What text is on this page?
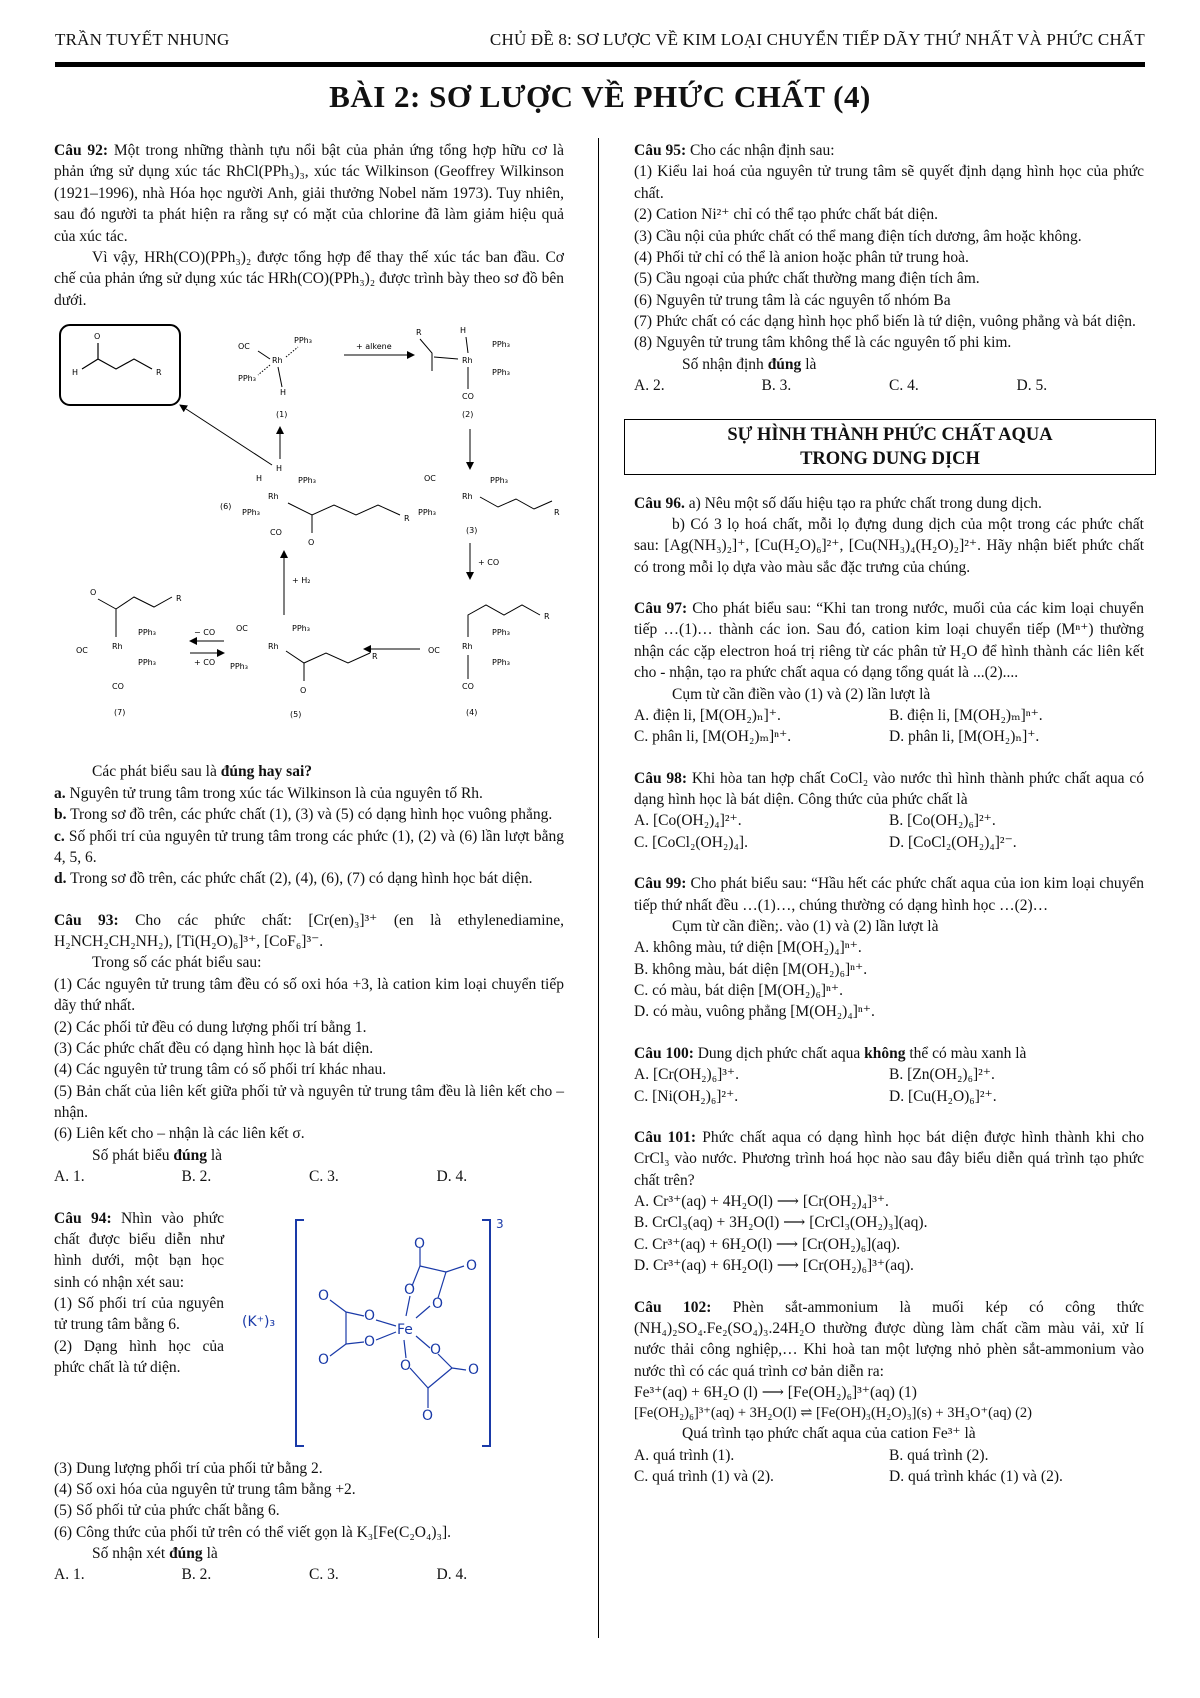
TRẦN TUYẾT NHUNG	CHỦ ĐỀ 8: SƠ LƯỢC VỀ KIM LOẠI CHUYỂN TIẾP DÃY THỨ NHẤT VÀ PHỨC CHẤT
BÀI 2: SƠ LƯỢC VỀ PHỨC CHẤT (4)

Câu 92: Một trong những thành tựu nổi bật của phản ứng tổng hợp hữu cơ là phản ứng sử dụng xúc tác RhCl(PPh₃)₃, xúc tác Wilkinson (Geoffrey Wilkinson (1921–1996), nhà Hóa học người Anh, giải thưởng Nobel năm 1973). Tuy nhiên, sau đó người ta phát hiện ra rằng sự có mặt của chlorine đã làm giảm hiệu quả của xúc tác.

Vì vậy, HRh(CO)(PPh₃)₂ được tổng hợp để thay thế xúc tác ban đầu. Cơ chế của phản ứng sử dụng xúc tác HRh(CO)(PPh₃)₂ được trình bày theo sơ đồ bên dưới.

O
H	R
Rh
OC
PPh₃
PPh₃
H
(1)
+ alkene
Rh
R	H
PPh₃
PPh₃
CO
(2)
Rh
OC	PPh₃
PPh₃	R
(3)
+ CO
Rh
OC
PPh₃
PPh₃
CO
R
(4)
Rh
OC	PPh₃
PPh₃
O
R
(5)
− CO
+ CO
Rh
OC
PPh₃
PPh₃
CO
O
R
(7)
Rh
H	PPh₃
PPh₃
CO
O
R
(6)
+ H₂
H

Các phát biểu sau là đúng hay sai?

a. Nguyên tử trung tâm trong xúc tác Wilkinson là của nguyên tố Rh.

b. Trong sơ đồ trên, các phức chất (1), (3) và (5) có dạng hình học vuông phẳng.

c. Số phối trí của nguyên tử trung tâm trong các phức (1), (2) và (6) lần lượt bằng 4, 5, 6.

d. Trong sơ đồ trên, các phức chất (2), (4), (6), (7) có dạng hình học bát diện.

Câu 93: Cho các phức chất: [Cr(en)₃]³⁺ (en là ethylenediamine, H₂NCH₂CH₂NH₂), [Ti(H₂O)₆]³⁺, [CoF₆]³⁻.

Trong số các phát biểu sau:

(1) Các nguyên tử trung tâm đều có số oxi hóa +3, là cation kim loại chuyển tiếp dãy thứ nhất.

(2) Các phối tử đều có dung lượng phối trí bằng 1.

(3) Các phức chất đều có dạng hình học là bát diện.

(4) Các nguyên tử trung tâm có số phối trí khác nhau.

(5) Bản chất của liên kết giữa phối tử và nguyên tử trung tâm đều là liên kết cho – nhận.

(6) Liên kết cho – nhận là các liên kết σ.

Số phát biểu đúng là

A. 1.	B. 2.	C. 3.	D. 4.

Câu 94: Nhìn vào phức chất được biểu diễn như hình dưới, một bạn học sinh có nhận xét sau:

(1) Số phối trí của nguyên tử trung tâm bằng 6.

(2) Dạng hình học của phức chất là tứ diện.

(K⁺)₃
3
Fe
O
O
O
O
O
O
O
O
O
O	O
O

(3) Dung lượng phối trí của phối tử bằng 2.

(4) Số oxi hóa của nguyên tử trung tâm bằng +2.

(5) Số phối tử của phức chất bằng 6.

(6) Công thức của phối tử trên có thể viết gọn là K₃[Fe(C₂O₄)₃].

Số nhận xét đúng là

A. 1.	B. 2.	C. 3.	D. 4.

Câu 95: Cho các nhận định sau:

(1) Kiểu lai hoá của nguyên tử trung tâm sẽ quyết định dạng hình học của phức chất.

(2) Cation Ni²⁺ chỉ có thể tạo phức chất bát diện.

(3) Cầu nội của phức chất có thể mang điện tích dương, âm hoặc không.

(4) Phối tử chỉ có thể là anion hoặc phân tử trung hoà.

(5) Cầu ngoại của phức chất thường mang điện tích âm.

(6) Nguyên tử trung tâm là các nguyên tố nhóm Ba

(7) Phức chất có các dạng hình học phổ biến là tứ diện, vuông phẳng và bát diện.

(8) Nguyên tử trung tâm không thể là các nguyên tố phi kim.

Số nhận định đúng là

A. 2.	B. 3.	C. 4.	D. 5.
SỰ HÌNH THÀNH PHỨC CHẤT AQUA
TRONG DUNG DỊCH

Câu 96. a) Nêu một số dấu hiệu tạo ra phức chất trong dung dịch.

b) Có 3 lọ hoá chất, mỗi lọ đựng dung dịch của một trong các phức chất sau: [Ag(NH₃)₂]⁺, [Cu(H₂O)₆]²⁺, [Cu(NH₃)₄(H₂O)₂]²⁺. Hãy nhận biết phức chất có trong mỗi lọ dựa vào màu sắc đặc trưng của chúng.

Câu 97: Cho phát biểu sau: “Khi tan trong nước, muối của các kim loại chuyển tiếp …(1)… thành các ion. Sau đó, cation kim loại chuyển tiếp (Mⁿ⁺) thường nhận các cặp electron hoá trị riêng từ các phân tử H₂O để hình thành các liên kết cho - nhận, tạo ra phức chất aqua có dạng tổng quát là ...(2)....

Cụm từ cần điền vào (1) và (2) lần lượt là

A. điện li, [M(OH₂)ₙ]⁺.	B. điện li, [M(OH₂)ₘ]ⁿ⁺.
C. phân li, [M(OH₂)ₘ]ⁿ⁺.	D. phân li, [M(OH₂)ₙ]⁺.

Câu 98: Khi hòa tan hợp chất CoCl₂ vào nước thì hình thành phức chất aqua có dạng hình học là bát diện. Công thức của phức chất là

A. [Co(OH₂)₄]²⁺.	B. [Co(OH₂)₆]²⁺.
C. [CoCl₂(OH₂)₄].	D. [CoCl₂(OH₂)₄]²⁻.

Câu 99: Cho phát biểu sau: “Hầu hết các phức chất aqua của ion kim loại chuyển tiếp thứ nhất đều …(1)…, chúng thường có dạng hình học …(2)…

Cụm từ cần điền;. vào (1) và (2) lần lượt là

A. không màu, tứ diện [M(OH₂)₄]ⁿ⁺.

B. không màu, bát diện [M(OH₂)₆]ⁿ⁺.

C. có màu, bát diện [M(OH₂)₆]ⁿ⁺.

D. có màu, vuông phẳng [M(OH₂)₄]ⁿ⁺.

Câu 100: Dung dịch phức chất aqua không thể có màu xanh là

A. [Cr(OH₂)₆]³⁺.	B. [Zn(OH₂)₆]²⁺.
C. [Ni(OH₂)₆]²⁺.	D. [Cu(H₂O)₆]²⁺.

Câu 101: Phức chất aqua có dạng hình học bát diện được hình thành khi cho CrCl₃ vào nước. Phương trình hoá học nào sau đây biểu diễn quá trình tạo phức chất trên?

A. Cr³⁺(aq) + 4H₂O(l) ⟶ [Cr(OH₂)₄]³⁺.

B. CrCl₃(aq) + 3H₂O(l) ⟶ [CrCl₃(OH₂)₃](aq).

C. Cr³⁺(aq) + 6H₂O(l) ⟶ [Cr(OH₂)₆](aq).

D. Cr³⁺(aq) + 6H₂O(l) ⟶ [Cr(OH₂)₆]³⁺(aq).

Câu 102: Phèn sắt-ammonium là muối kép có công thức (NH₄)₂SO₄.Fe₂(SO₄)₃.24H₂O thường được dùng làm chất cầm màu vải, xử lí nước thải công nghiệp,… Khi hoà tan một lượng nhỏ phèn sắt-ammonium vào nước thì có các quá trình cơ bản diễn ra:

Fe³⁺(aq) + 6H₂O (l) ⟶ [Fe(OH₂)₆]³⁺(aq) (1)

[Fe(OH₂)₆]³⁺(aq) + 3H₂O(l) ⇌ [Fe(OH)₃(H₂O)₃](s) + 3H₃O⁺(aq) (2)

Quá trình tạo phức chất aqua của cation Fe³⁺ là

A. quá trình (1).	B. quá trình (2).
C. quá trình (1) và (2).	D. quá trình khác (1) và (2).
